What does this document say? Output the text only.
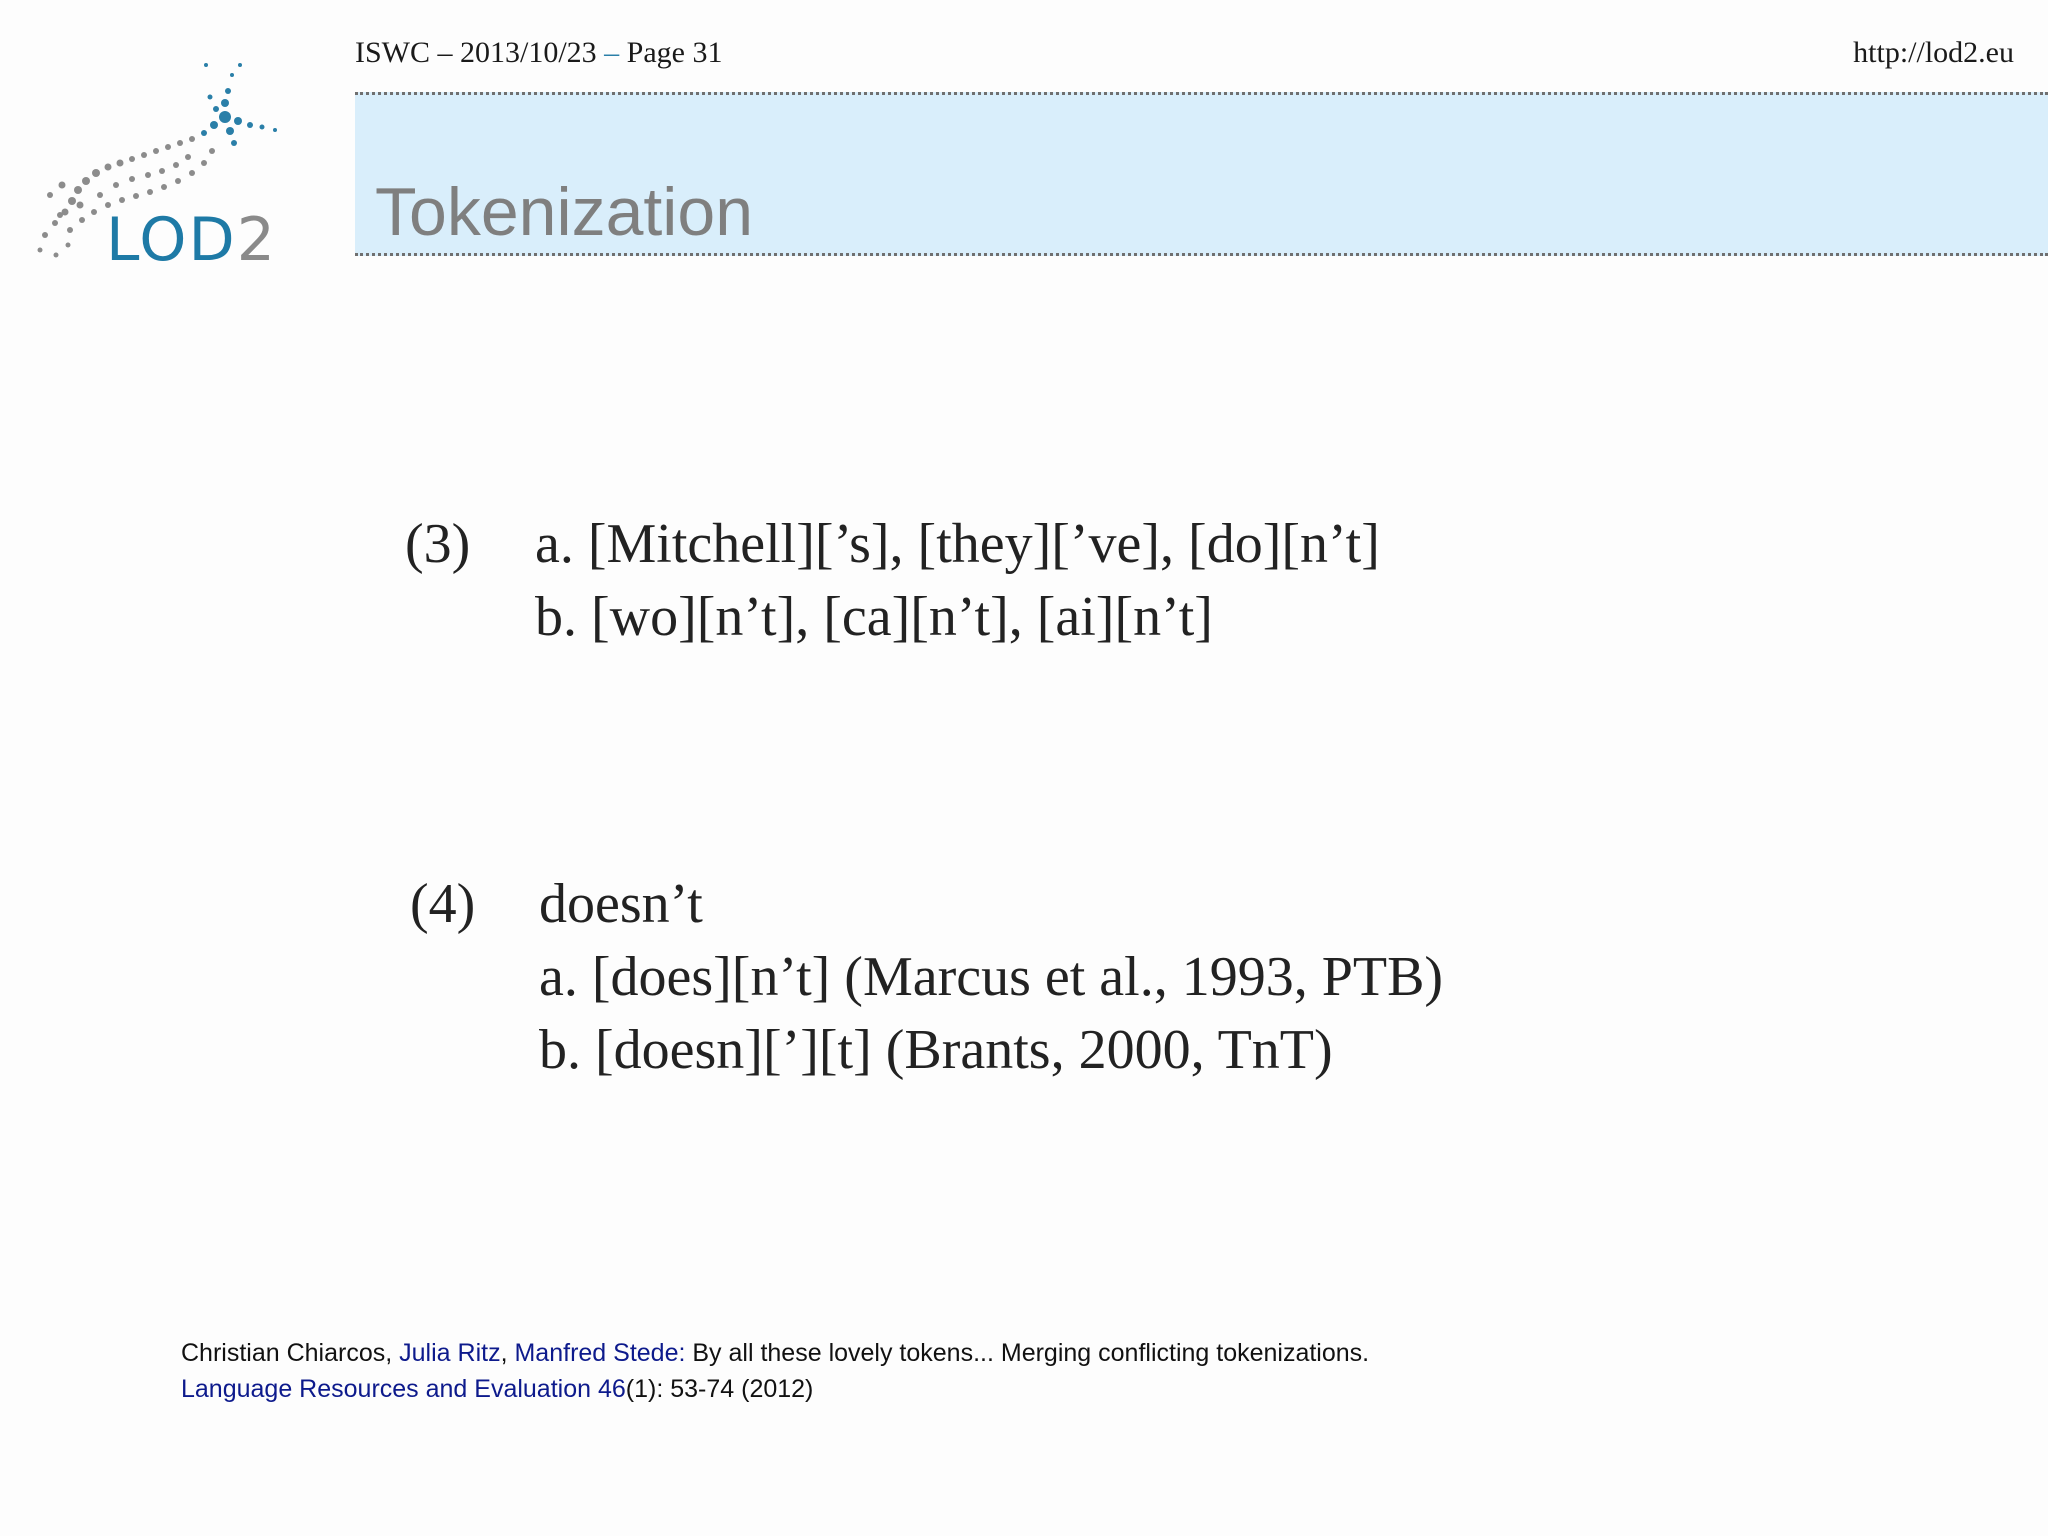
LOD2
ISWC – 2013/10/23 – Page 31	http://lod2.eu
Tokenization
(3) a. [Mitchell][’s], [they][’ve], [do][n’t]
b. [wo][n’t], [ca][n’t], [ai][n’t]
(4) doesn’t
a. [does][n’t] (Marcus et al., 1993, PTB)
b. [doesn][’][t] (Brants, 2000, TnT)
Christian Chiarcos, Julia Ritz, Manfred Stede: By all these lovely tokens... Merging conflicting tokenizations.
Language Resources and Evaluation 46(1): 53-74 (2012)
